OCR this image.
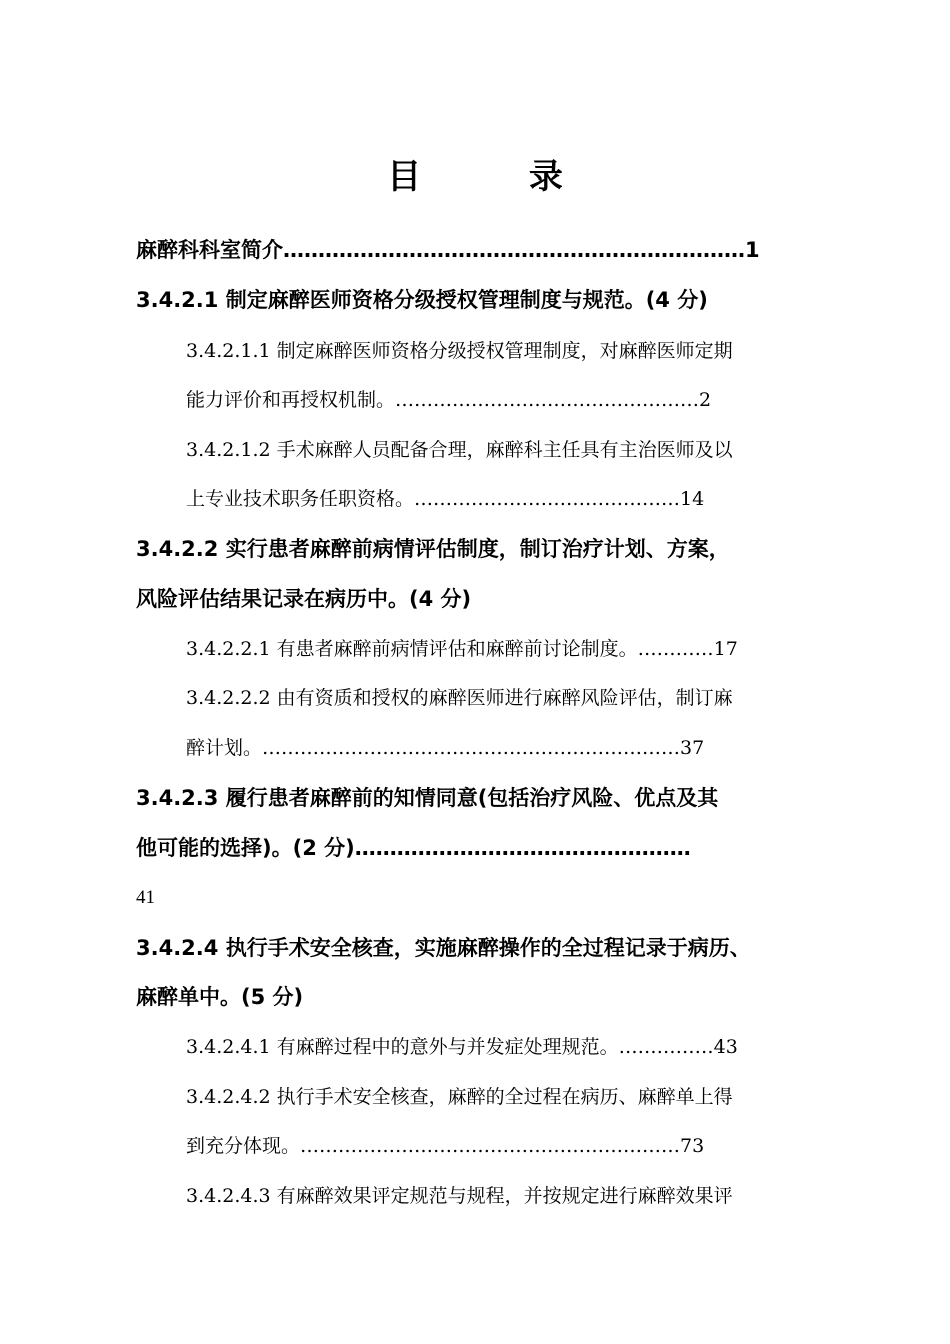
目 录
麻醉科科室简介…………………………………………………………1
3.4.2.1 制定麻醉医师资格分级授权管理制度与规范。(4 分)
3.4.2.1.1 制定麻醉医师资格分级授权管理制度，对麻醉医师定期
能力评价和再授权机制。…………………………………………2
3.4.2.1.2 手术麻醉人员配备合理，麻醉科主任具有主治医师及以
上专业技术职务任职资格。……………………………………14
3.4.2.2 实行患者麻醉前病情评估制度，制订治疗计划、方案，
风险评估结果记录在病历中。(4 分)
3.4.2.2.1 有患者麻醉前病情评估和麻醉前讨论制度。…………17
3.4.2.2.2 由有资质和授权的麻醉医师进行麻醉风险评估，制订麻
醉计划。…………………………………………………………37
3.4.2.3 履行患者麻醉前的知情同意(包括治疗风险、优点及其
他可能的选择)。(2 分)…………………………………………
41
3.4.2.4 执行手术安全核查，实施麻醉操作的全过程记录于病历、
麻醉单中。(5 分)
3.4.2.4.1 有麻醉过程中的意外与并发症处理规范。……………43
3.4.2.4.2 执行手术安全核查，麻醉的全过程在病历、麻醉单上得
到充分体现。……………………………………………………73
3.4.2.4.3 有麻醉效果评定规范与规程，并按规定进行麻醉效果评
